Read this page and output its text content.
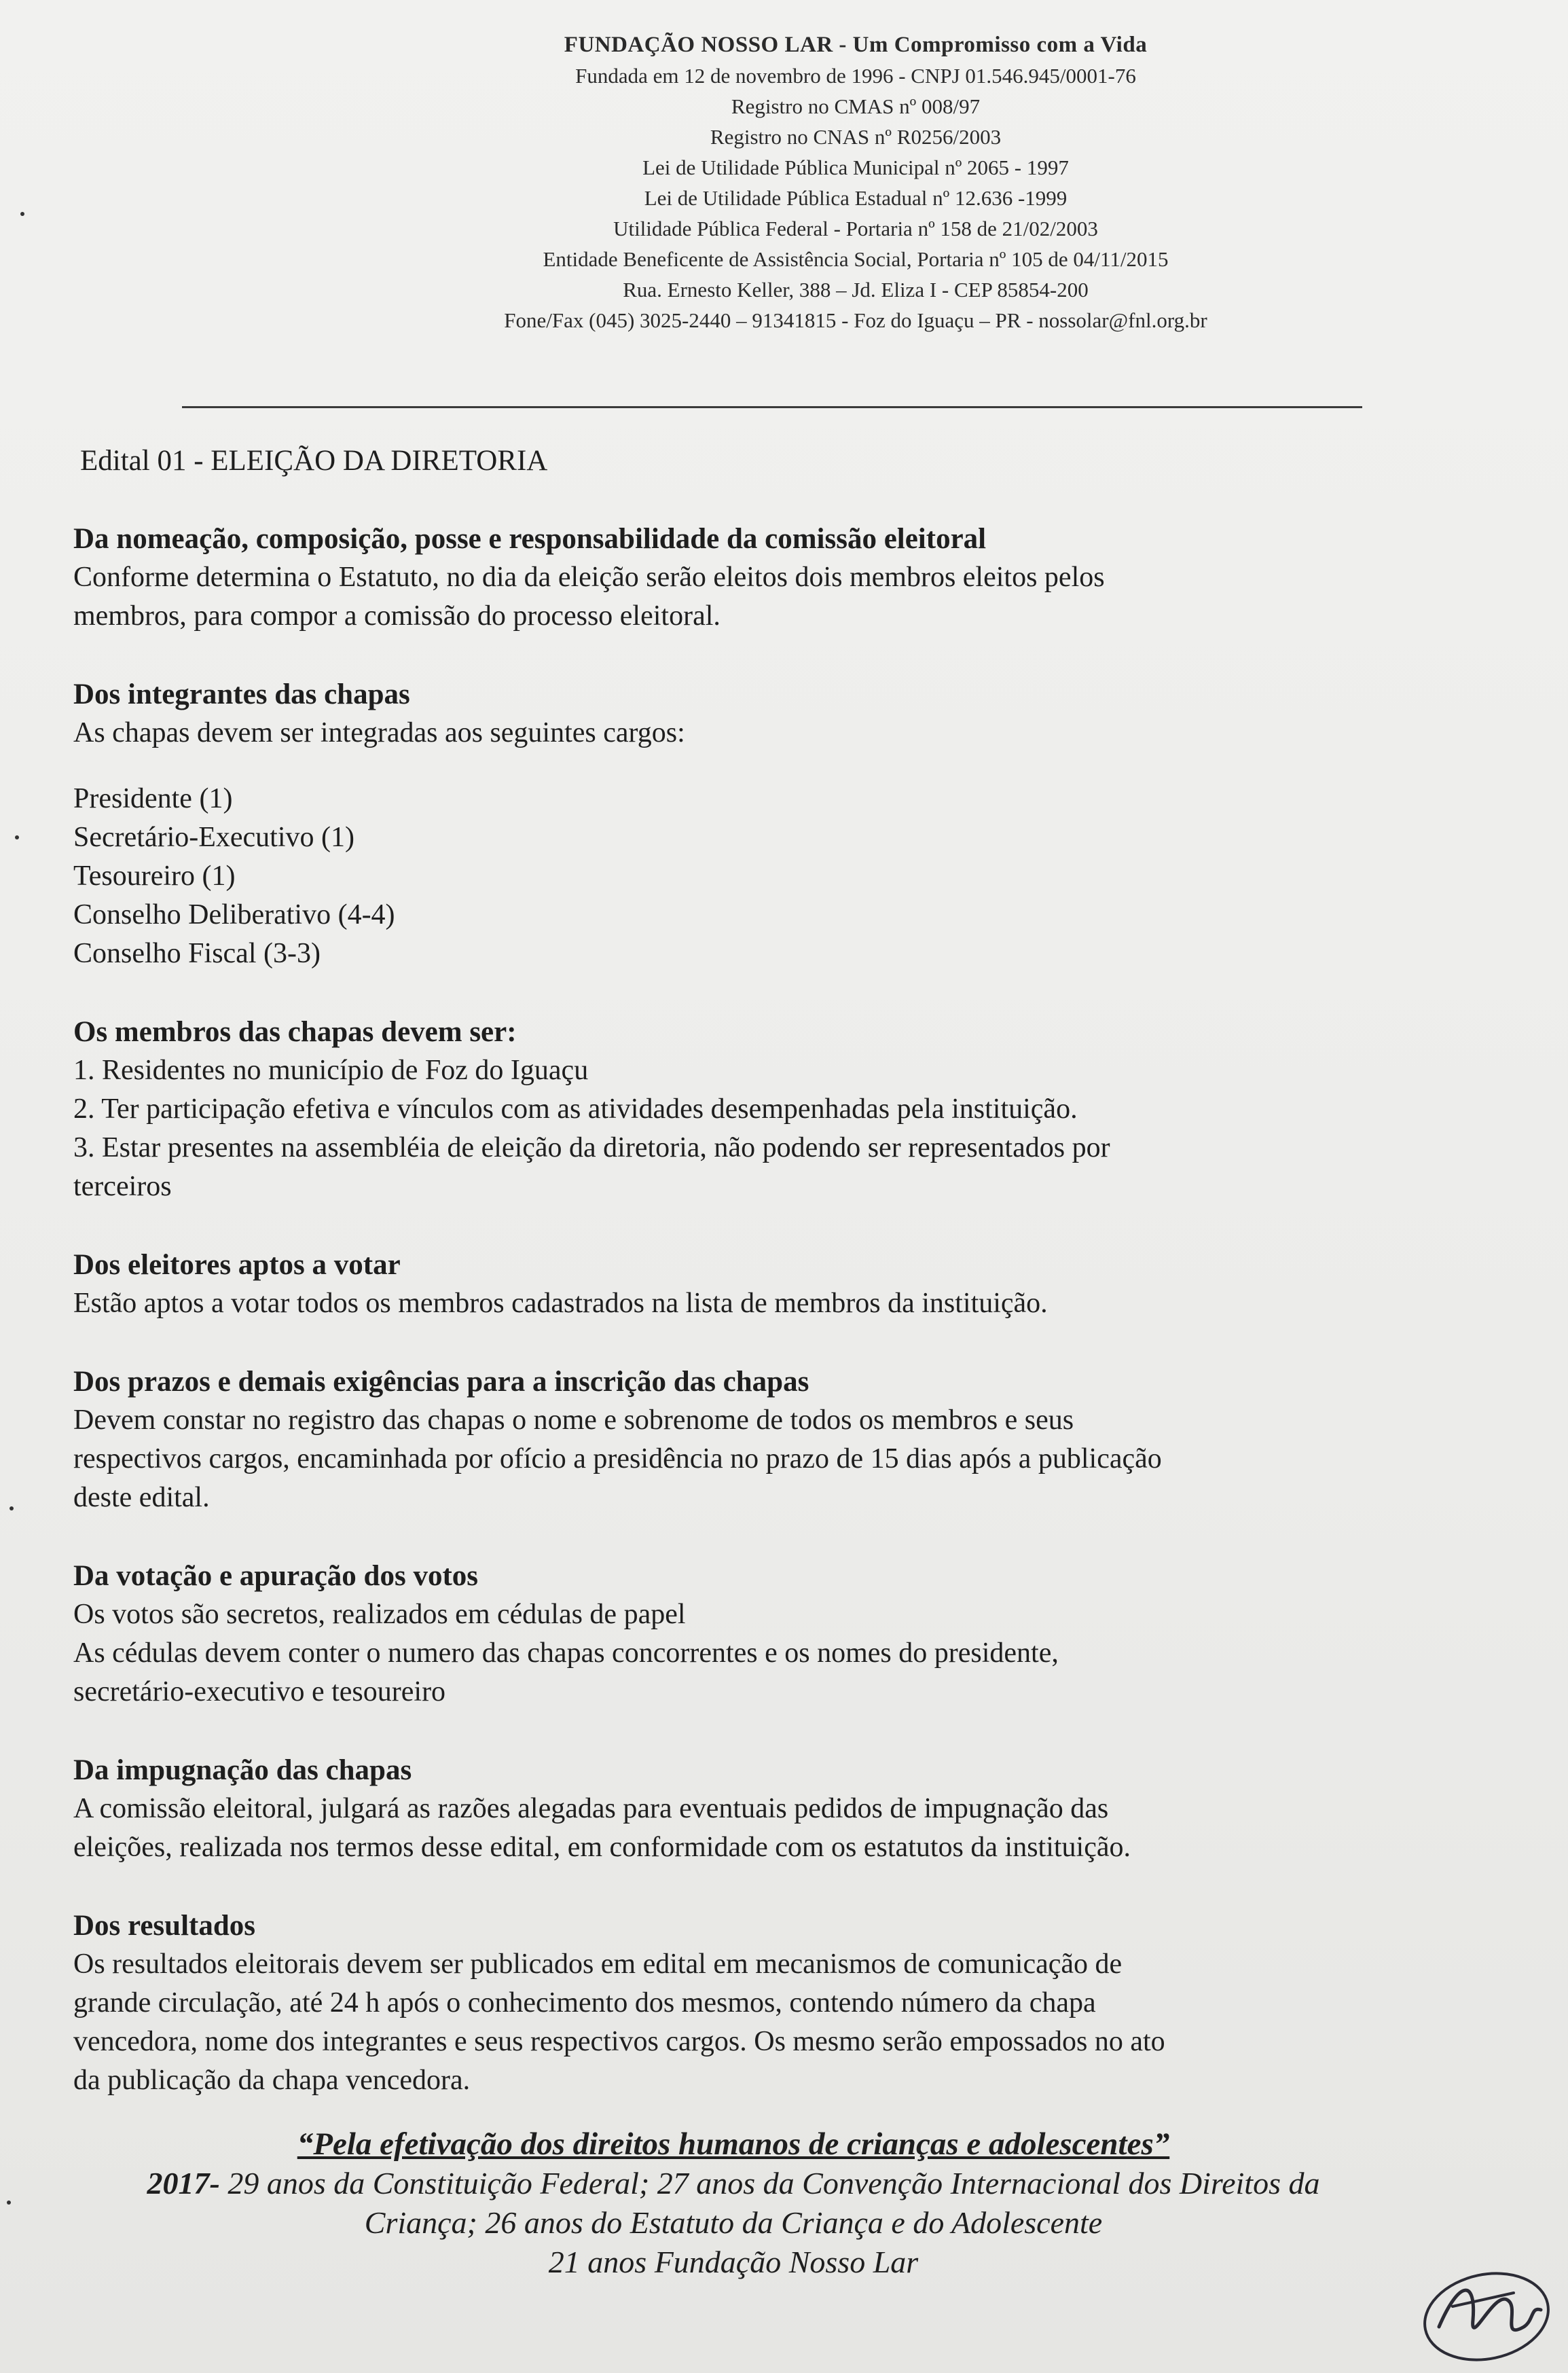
FUNDAÇÃO NOSSO LAR - Um Compromisso com a Vida
Fundada em 12 de novembro de 1996 - CNPJ 01.546.945/0001-76
Registro no CMAS nº 008/97
Registro no CNAS nº R0256/2003
Lei de Utilidade Pública Municipal nº 2065 - 1997
Lei de Utilidade Pública Estadual nº 12.636 -1999
Utilidade Pública Federal - Portaria nº 158 de 21/02/2003
Entidade Beneficente de Assistência Social, Portaria nº 105 de 04/11/2015
Rua. Ernesto Keller, 388 – Jd. Eliza I - CEP 85854-200
Fone/Fax (045) 3025-2440 – 91341815 - Foz do Iguaçu – PR - nossolar@fnl.org.br
Edital 01 - ELEIÇÃO DA DIRETORIA
Da nomeação, composição, posse e responsabilidade da comissão eleitoral

Conforme determina o Estatuto, no dia da eleição serão eleitos dois membros eleitos pelos

membros, para compor a comissão do processo eleitoral.

Dos integrantes das chapas

As chapas devem ser integradas aos seguintes cargos:

Presidente (1)
Secretário-Executivo (1)
Tesoureiro (1)
Conselho Deliberativo (4-4)
Conselho Fiscal (3-3)
Os membros das chapas devem ser:
1. Residentes no município de Foz do Iguaçu
2. Ter participação efetiva e vínculos com as atividades desempenhadas pela instituição.
3. Estar presentes na assembléia de eleição da diretoria, não podendo ser representados por
terceiros
Dos eleitores aptos a votar

Estão aptos a votar todos os membros cadastrados na lista de membros da instituição.

Dos prazos e demais exigências para a inscrição das chapas

Devem constar no registro das chapas o nome e sobrenome de todos os membros e seus

respectivos cargos, encaminhada por ofício a presidência no prazo de 15 dias após a publicação

deste edital.

Da votação e apuração dos votos

Os votos são secretos, realizados em cédulas de papel

As cédulas devem conter o numero das chapas concorrentes e os nomes do presidente,

secretário-executivo e tesoureiro

Da impugnação das chapas

A comissão eleitoral, julgará as razões alegadas para eventuais pedidos de impugnação das

eleições, realizada nos termos desse edital, em conformidade com os estatutos da instituição.

Dos resultados

Os resultados eleitorais devem ser publicados em edital em mecanismos de comunicação de

grande circulação, até 24 h após o conhecimento dos mesmos, contendo número da chapa

vencedora, nome dos integrantes e seus respectivos cargos. Os mesmo serão empossados no ato

da publicação da chapa vencedora.

“Pela efetivação dos direitos humanos de crianças e adolescentes”
2017- 29 anos da Constituição Federal; 27 anos da Convenção Internacional dos Direitos da
Criança; 26 anos do Estatuto da Criança e do Adolescente
21 anos Fundação Nosso Lar
